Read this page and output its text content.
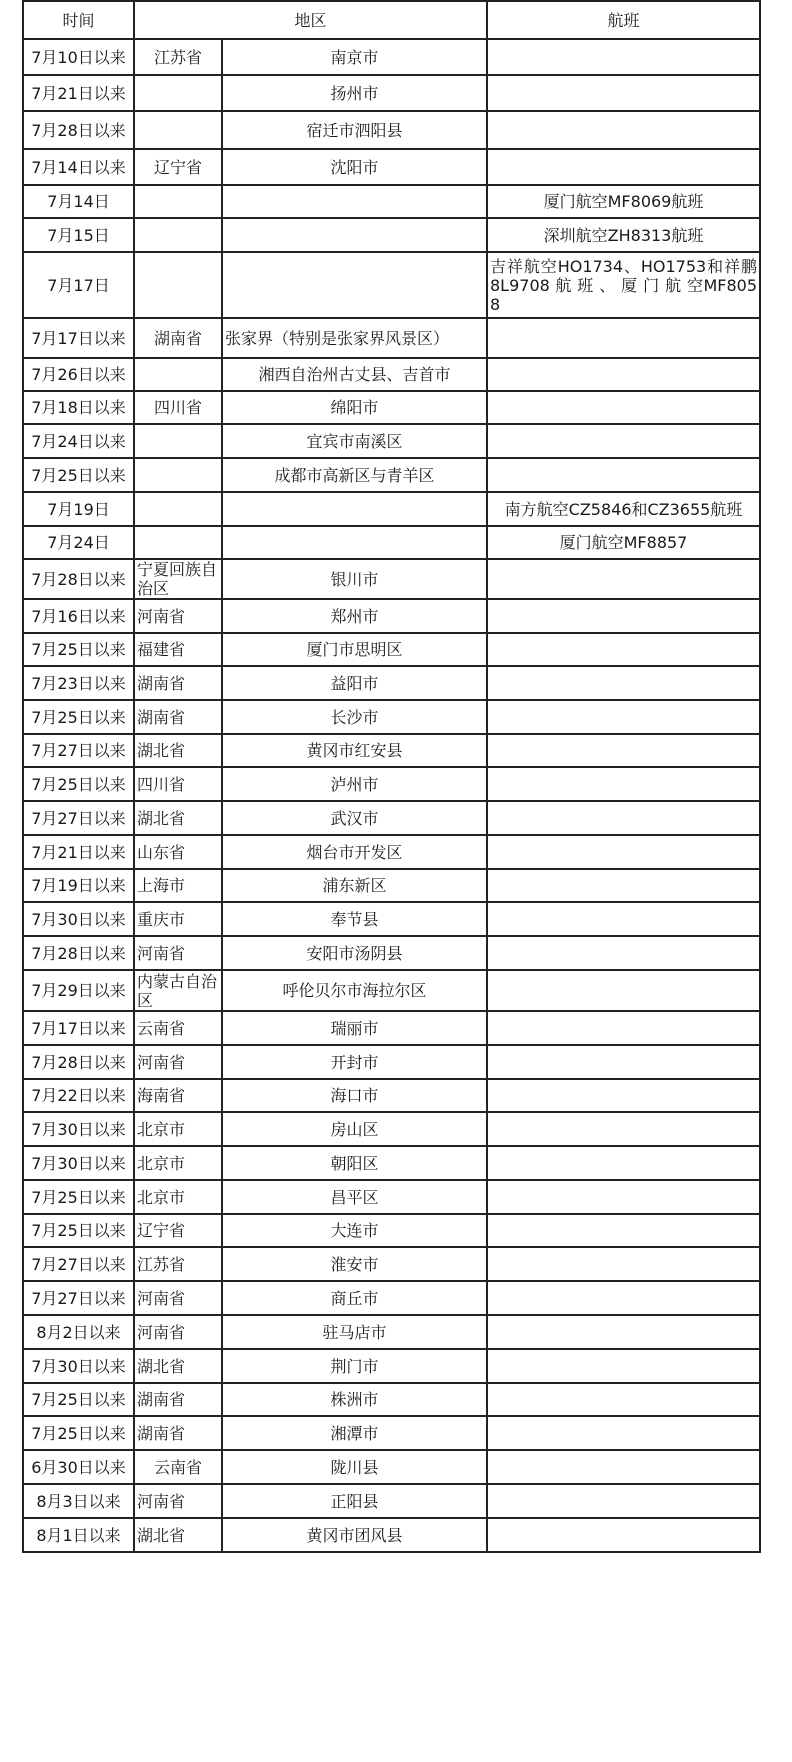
时间	地区		航班
7月10日以来	江苏省	南京市	
7月21日以来		扬州市	
7月28日以来		宿迁市泗阳县	
7月14日以来	辽宁省	沈阳市	
7月14日			厦门航空MF8069航班
7月15日			深圳航空ZH8313航班
7月17日			吉祥航空HO1734、HO1753和祥鹏 8L9708 航 班 、 厦 门 航 空MF8058
7月17日以来	湖南省	张家界（特别是张家界风景区）	
7月26日以来		湘西自治州古丈县、吉首市	
7月18日以来	四川省	绵阳市	
7月24日以来		宜宾市南溪区	
7月25日以来		成都市高新区与青羊区	
7月19日			南方航空CZ5846和CZ3655航班
7月24日			厦门航空MF8857
7月28日以来	宁夏回族自治区	银川市	
7月16日以来	河南省	郑州市	
7月25日以来	福建省	厦门市思明区	
7月23日以来	湖南省	益阳市	
7月25日以来	湖南省	长沙市	
7月27日以来	湖北省	黄冈市红安县	
7月25日以来	四川省	泸州市	
7月27日以来	湖北省	武汉市	
7月21日以来	山东省	烟台市开发区	
7月19日以来	上海市	浦东新区	
7月30日以来	重庆市	奉节县	
7月28日以来	河南省	安阳市汤阴县	
7月29日以来	内蒙古自治区	呼伦贝尔市海拉尔区	
7月17日以来	云南省	瑞丽市	
7月28日以来	河南省	开封市	
7月22日以来	海南省	海口市	
7月30日以来	北京市	房山区	
7月30日以来	北京市	朝阳区	
7月25日以来	北京市	昌平区	
7月25日以来	辽宁省	大连市	
7月27日以来	江苏省	淮安市	
7月27日以来	河南省	商丘市	
8月2日以来	河南省	驻马店市	
7月30日以来	湖北省	荆门市	
7月25日以来	湖南省	株洲市	
7月25日以来	湖南省	湘潭市	
6月30日以来	云南省	陇川县	
8月3日以来	河南省	正阳县	
8月1日以来	湖北省	黄冈市团风县	
